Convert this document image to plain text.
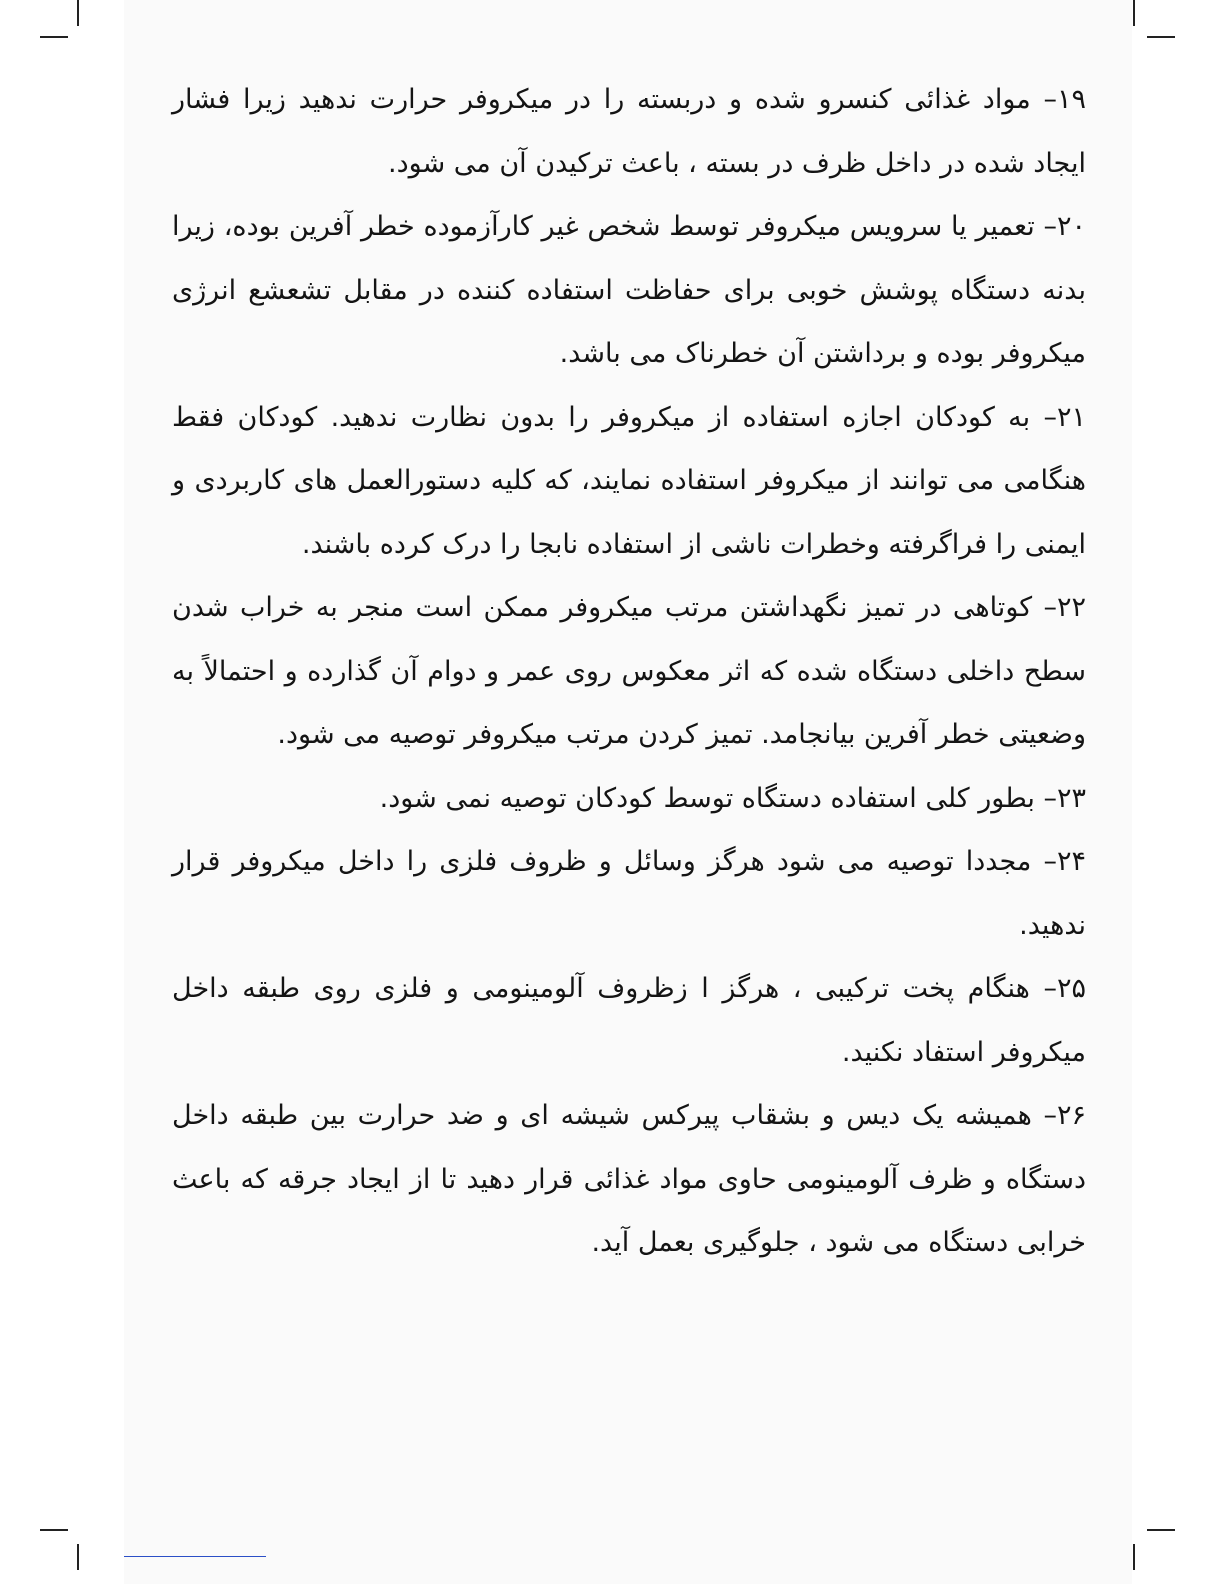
۱۹– مواد غذائی کنسرو شده و دربسته را در میکروفر حرارت ندهید زیرا فشار ایجاد شده در داخل ظرف در بسته ، باعث ترکیدن آن می شود.

۲۰– تعمیر یا سرویس میکروفر توسط شخص غیر کارآزموده خطر آفرین بوده، زیرا بدنه دستگاه پوشش خوبی برای حفاظت استفاده کننده در مقابل تشعشع انرژی میکروفر بوده و برداشتن آن خطرناک می باشد.

۲۱– به کودکان اجازه استفاده از میکروفر را بدون نظارت ندهید. کودکان فقط هنگامی می توانند از میکروفر استفاده نمایند، که کلیه دستورالعمل های کاربردی و ایمنی را فراگرفته وخطرات ناشی از استفاده نابجا را درک کرده باشند.

۲۲– کوتاهی در تمیز نگهداشتن مرتب میکروفر ممکن است منجر به خراب شدن سطح داخلی دستگاه شده که اثر معکوس روی عمر و دوام آن گذارده و احتمالاً به وضعیتی خطر آفرین بیانجامد. تمیز کردن مرتب میکروفر توصیه می شود.

۲۳– بطور کلی استفاده دستگاه توسط کودکان توصیه نمی شود.

۲۴– مجددا توصیه می شود هرگز وسائل و ظروف فلزی را داخل میکروفر قرار ندهید.

۲۵– هنگام پخت ترکیبی ، هرگز ا زظروف آلومینومی و فلزی روی طبقه داخل میکروفر استفاد نکنید.

۲۶– همیشه یک دیس و بشقاب پیرکس شیشه ای و ضد حرارت بین طبقه داخل دستگاه و ظرف آلومینومی حاوی مواد غذائی قرار دهید تا از ایجاد جرقه که باعث خرابی دستگاه می شود ، جلوگیری بعمل آید.
